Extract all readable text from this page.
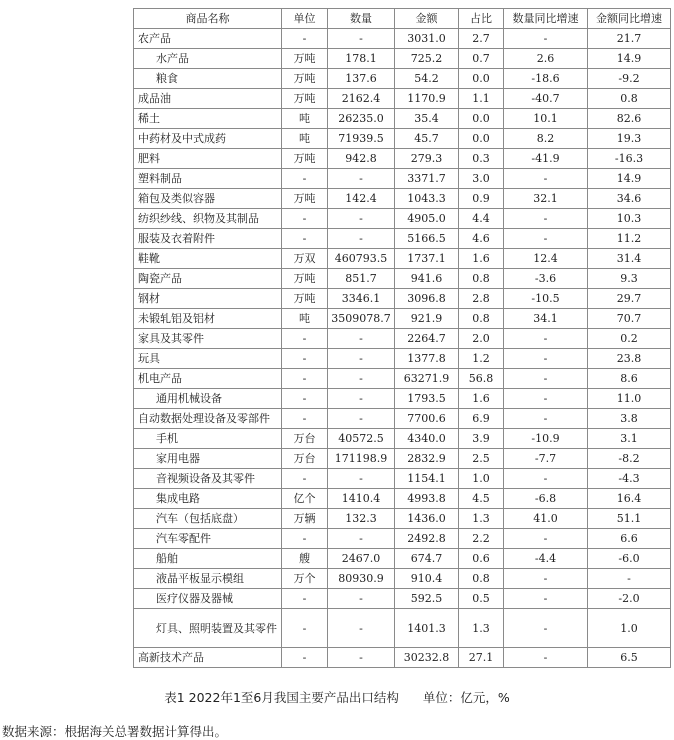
商品名称	单位	数量	金额	占比	数量同比增速	金额同比增速
农产品	-	-	3031.0	2.7	-	21.7
水产品	万吨	178.1	725.2	0.7	2.6	14.9
粮食	万吨	137.6	54.2	0.0	-18.6	-9.2
成品油	万吨	2162.4	1170.9	1.1	-40.7	0.8
稀土	吨	26235.0	35.4	0.0	10.1	82.6
中药材及中式成药	吨	71939.5	45.7	0.0	8.2	19.3
肥料	万吨	942.8	279.3	0.3	-41.9	-16.3
塑料制品	-	-	3371.7	3.0	-	14.9
箱包及类似容器	万吨	142.4	1043.3	0.9	32.1	34.6
纺织纱线、织物及其制品	-	-	4905.0	4.4	-	10.3
服装及衣着附件	-	-	5166.5	4.6	-	11.2
鞋靴	万双	460793.5	1737.1	1.6	12.4	31.4
陶瓷产品	万吨	851.7	941.6	0.8	-3.6	9.3
钢材	万吨	3346.1	3096.8	2.8	-10.5	29.7
未锻轧铝及铝材	吨	3509078.7	921.9	0.8	34.1	70.7
家具及其零件	-	-	2264.7	2.0	-	0.2
玩具	-	-	1377.8	1.2	-	23.8
机电产品	-	-	63271.9	56.8	-	8.6
通用机械设备	-	-	1793.5	1.6	-	11.0
自动数据处理设备及零部件	-	-	7700.6	6.9	-	3.8
手机	万台	40572.5	4340.0	3.9	-10.9	3.1
家用电器	万台	171198.9	2832.9	2.5	-7.7	-8.2
音视频设备及其零件	-	-	1154.1	1.0	-	-4.3
集成电路	亿个	1410.4	4993.8	4.5	-6.8	16.4
汽车（包括底盘）	万辆	132.3	1436.0	1.3	41.0	51.1
汽车零配件	-	-	2492.8	2.2	-	6.6
船舶	艘	2467.0	674.7	0.6	-4.4	-6.0
液晶平板显示模组	万个	80930.9	910.4	0.8	-	-
医疗仪器及器械	-	-	592.5	0.5	-	-2.0
灯具、照明装置及其零件	-	-	1401.3	1.3	-	1.0
高新技术产品	-	-	30232.8	27.1	-	6.5
表1 2022年1至6月我国主要产品出口结构 单位：亿元，%
数据来源：根据海关总署数据计算得出。
